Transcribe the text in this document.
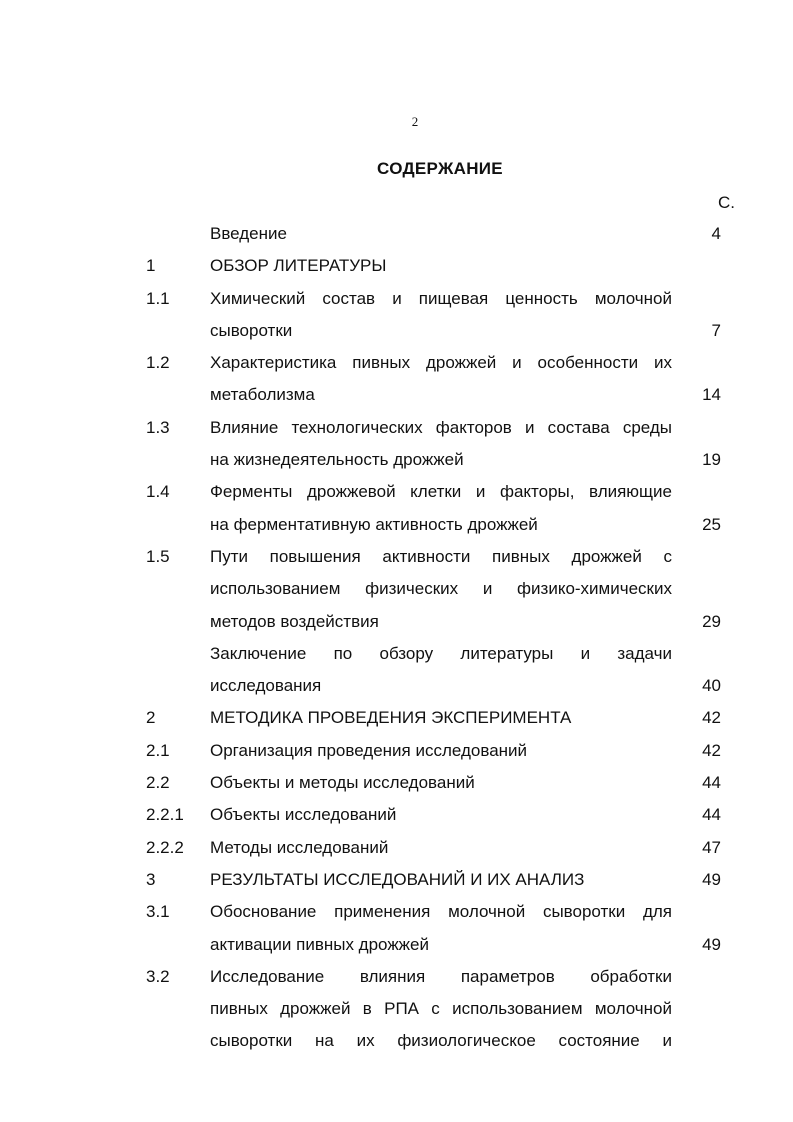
2
СОДЕРЖАНИЕ
С.
Введение	4
1	ОБЗОР ЛИТЕРАТУРЫ
1.1 Химический состав и пищевая ценность молочной
сыворотки	7
1.2 Характеристика пивных дрожжей и особенности их
метаболизма	14
1.3 Влияние технологических факторов и состава среды
на жизнедеятельность дрожжей	19
1.4 Ферменты дрожжевой клетки и факторы, влияющие
на ферментативную активность дрожжей	25
1.5 Пути повышения активности пивных дрожжей с
использованием физических и физико-химических
методов воздействия	29
Заключение по обзору литературы и задачи
исследования	40
2	МЕТОДИКА ПРОВЕДЕНИЯ ЭКСПЕРИМЕНТА	42
2.1 Организация проведения исследований	42
2.2 Объекты и методы исследований	44
2.2.1 Объекты исследований	44
2.2.2 Методы исследований	47
3	РЕЗУЛЬТАТЫ ИССЛЕДОВАНИЙ И ИХ АНАЛИЗ	49
3.1 Обоснование применения молочной сыворотки для
активации пивных дрожжей	49
3.2 Исследование влияния параметров обработки
пивных дрожжей в РПА с использованием молочной
сыворотки на их физиологическое состояние и
